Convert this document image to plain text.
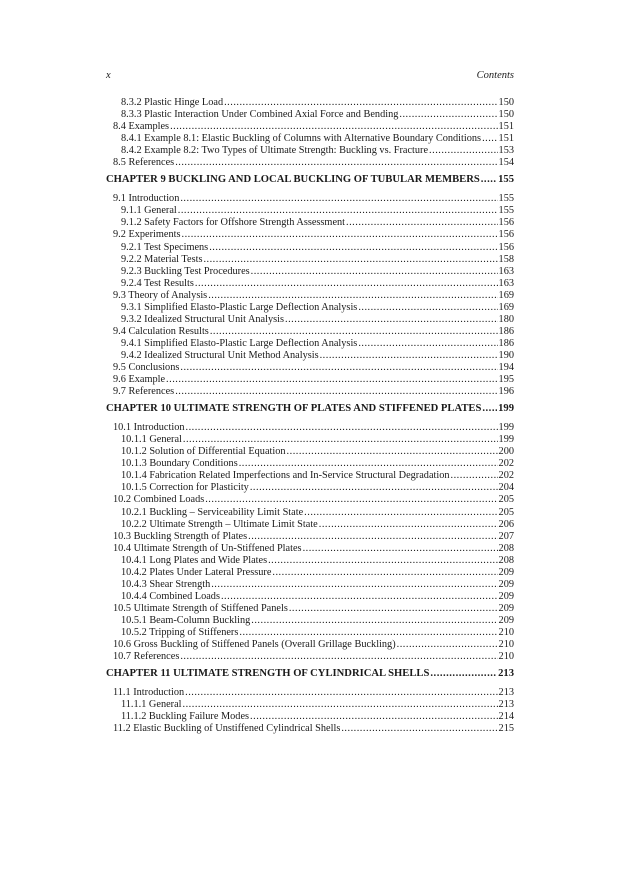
x	Contents
8.3.2 Plastic Hinge Load .....	150
8.3.3 Plastic Interaction Under Combined Axial Force and Bending .....	150
8.4 Examples .....	151
8.4.1 Example 8.1: Elastic Buckling of Columns with Alternative Boundary Conditions ..... 151
8.4.2 Example 8.2: Two Types of Ultimate Strength: Buckling vs. Fracture .....	153
8.5 References .....	154
CHAPTER 9 BUCKLING AND LOCAL BUCKLING OF TUBULAR MEMBERS ..... 155
9.1 Introduction .....	155
9.1.1 General .....	155
9.1.2 Safety Factors for Offshore Strength Assessment .....	156
9.2 Experiments .....	156
9.2.1 Test Specimens .....	156
9.2.2 Material Tests .....	158
9.2.3 Buckling Test Procedures .....	163
9.2.4 Test Results .....	163
9.3 Theory of Analysis .....	169
9.3.1 Simplified Elasto-Plastic Large Deflection Analysis .....	169
9.3.2 Idealized Structural Unit Analysis .....	180
9.4 Calculation Results .....	186
9.4.1 Simplified Elasto-Plastic Large Deflection Analysis .....	186
9.4.2 Idealized Structural Unit Method Analysis .....	190
9.5 Conclusions .....	194
9.6 Example .....	195
9.7 References .....	196
CHAPTER 10 ULTIMATE STRENGTH OF PLATES AND STIFFENED PLATES ..... 199
10.1 Introduction .....	199
10.1.1 General .....	199
10.1.2 Solution of Differential Equation .....	200
10.1.3 Boundary Conditions .....	202
10.1.4 Fabrication Related Imperfections and In-Service Structural Degradation .....	202
10.1.5 Correction for Plasticity .....	204
10.2 Combined Loads .....	205
10.2.1 Buckling – Serviceability Limit State .....	205
10.2.2 Ultimate Strength – Ultimate Limit State .....	206
10.3 Buckling Strength of Plates .....	207
10.4 Ultimate Strength of Un-Stiffened Plates .....	208
10.4.1 Long Plates and Wide Plates .....	208
10.4.2 Plates Under Lateral Pressure .....	209
10.4.3 Shear Strength .....	209
10.4.4 Combined Loads .....	209
10.5 Ultimate Strength of Stiffened Panels .....	209
10.5.1 Beam-Column Buckling .....	209
10.5.2 Tripping of Stiffeners .....	210
10.6 Gross Buckling of Stiffened Panels (Overall Grillage Buckling) .....	210
10.7 References .....	210
CHAPTER 11 ULTIMATE STRENGTH OF CYLINDRICAL SHELLS .....	213
11.1 Introduction .....	213
11.1.1 General .....	213
11.1.2 Buckling Failure Modes .....	214
11.2 Elastic Buckling of Unstiffened Cylindrical Shells .....	215
